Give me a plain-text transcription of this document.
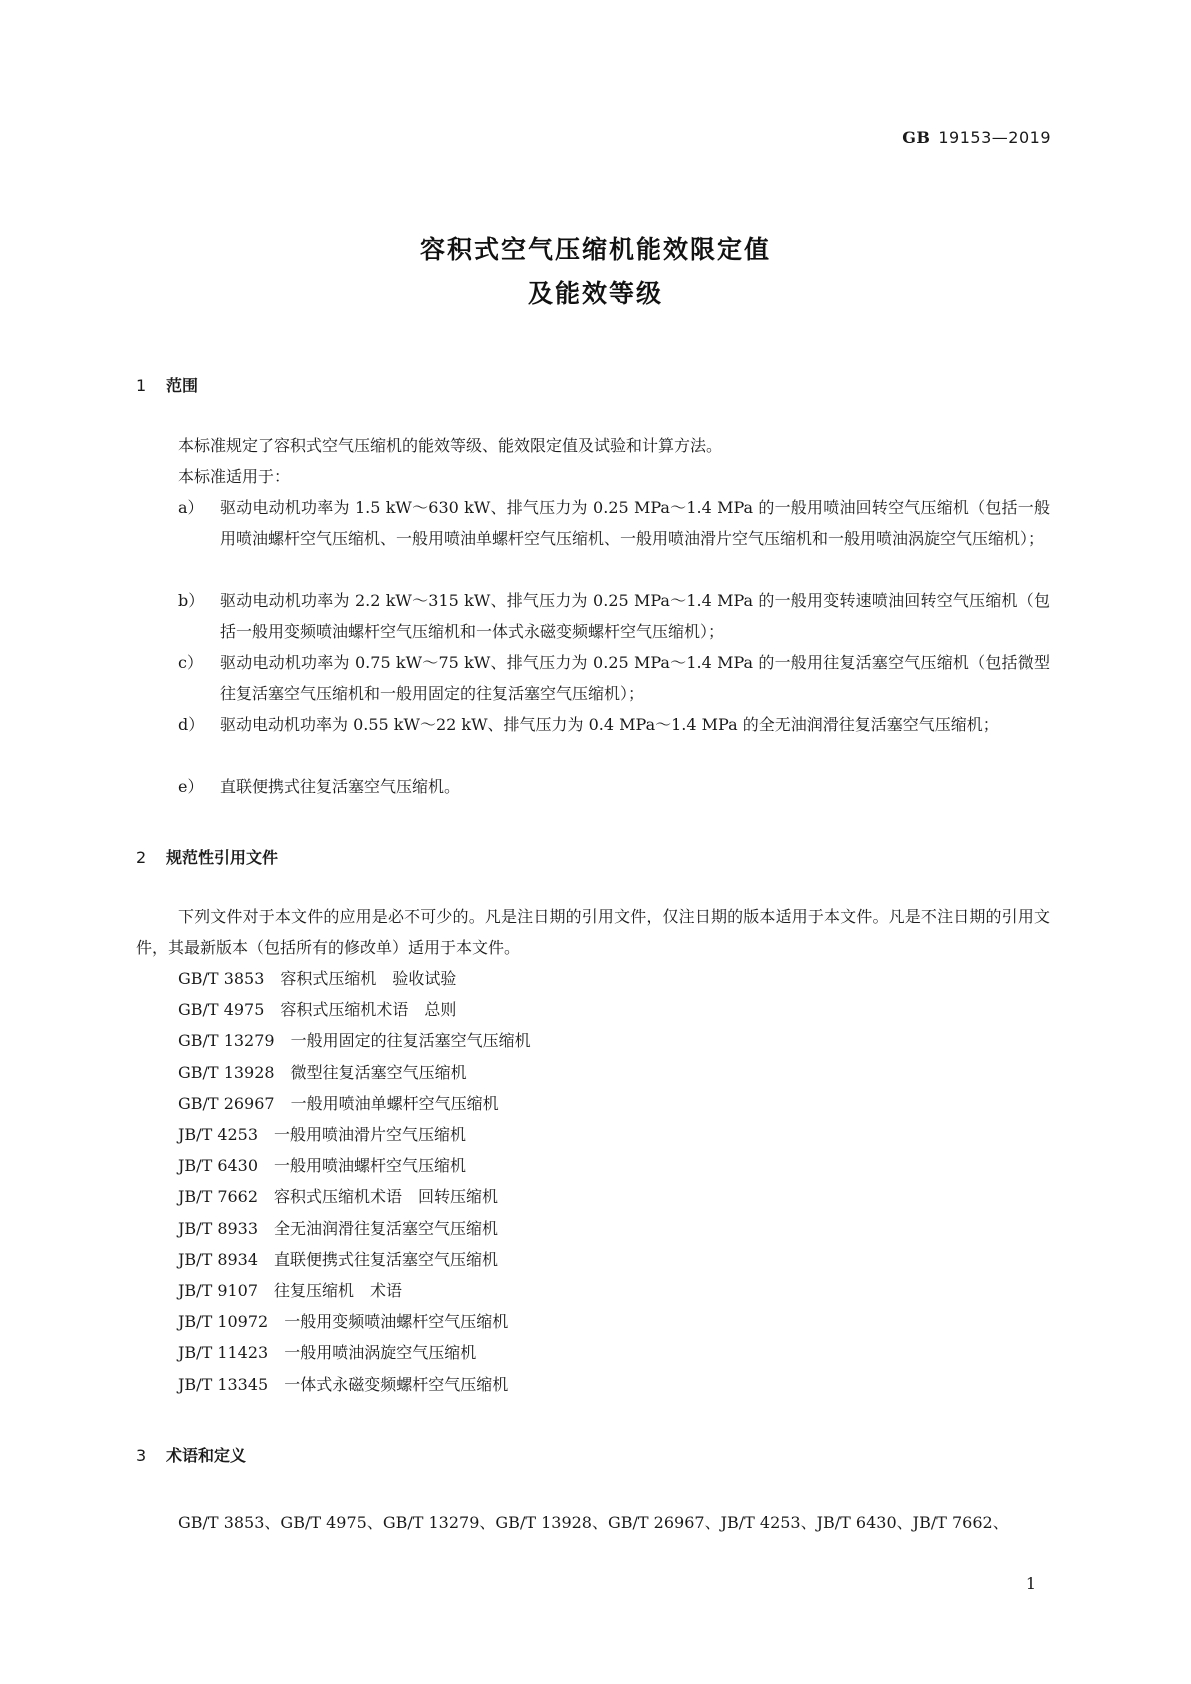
GB 19153—2019
容积式空气压缩机能效限定值
及能效等级
1 范围
本标准规定了容积式空气压缩机的能效等级、能效限定值及试验和计算方法。
本标准适用于：
a） 驱动电动机功率为 1.5 kW～630 kW、排气压力为 0.25 MPa～1.4 MPa 的一般用喷油回转空气压缩机（包括一般用喷油螺杆空气压缩机、一般用喷油单螺杆空气压缩机、一般用喷油滑片空气压缩机和一般用喷油涡旋空气压缩机）；
b） 驱动电动机功率为 2.2 kW～315 kW、排气压力为 0.25 MPa～1.4 MPa 的一般用变转速喷油回转空气压缩机（包括一般用变频喷油螺杆空气压缩机和一体式永磁变频螺杆空气压缩机）；
c） 驱动电动机功率为 0.75 kW～75 kW、排气压力为 0.25 MPa～1.4 MPa 的一般用往复活塞空气压缩机（包括微型往复活塞空气压缩机和一般用固定的往复活塞空气压缩机）；
d） 驱动电动机功率为 0.55 kW～22 kW、排气压力为 0.4 MPa～1.4 MPa 的全无油润滑往复活塞空气压缩机；
e） 直联便携式往复活塞空气压缩机。
2 规范性引用文件
下列文件对于本文件的应用是必不可少的。凡是注日期的引用文件，仅注日期的版本适用于本文件。凡是不注日期的引用文件，其最新版本（包括所有的修改单）适用于本文件。
GB/T 3853 容积式压缩机　验收试验
GB/T 4975 容积式压缩机术语　总则
GB/T 13279 一般用固定的往复活塞空气压缩机
GB/T 13928 微型往复活塞空气压缩机
GB/T 26967 一般用喷油单螺杆空气压缩机
JB/T 4253 一般用喷油滑片空气压缩机
JB/T 6430 一般用喷油螺杆空气压缩机
JB/T 7662 容积式压缩机术语　回转压缩机
JB/T 8933 全无油润滑往复活塞空气压缩机
JB/T 8934 直联便携式往复活塞空气压缩机
JB/T 9107 往复压缩机　术语
JB/T 10972 一般用变频喷油螺杆空气压缩机
JB/T 11423 一般用喷油涡旋空气压缩机
JB/T 13345 一体式永磁变频螺杆空气压缩机
3 术语和定义
GB/T 3853、GB/T 4975、GB/T 13279、GB/T 13928、GB/T 26967、JB/T 4253、JB/T 6430、JB/T 7662、
1
